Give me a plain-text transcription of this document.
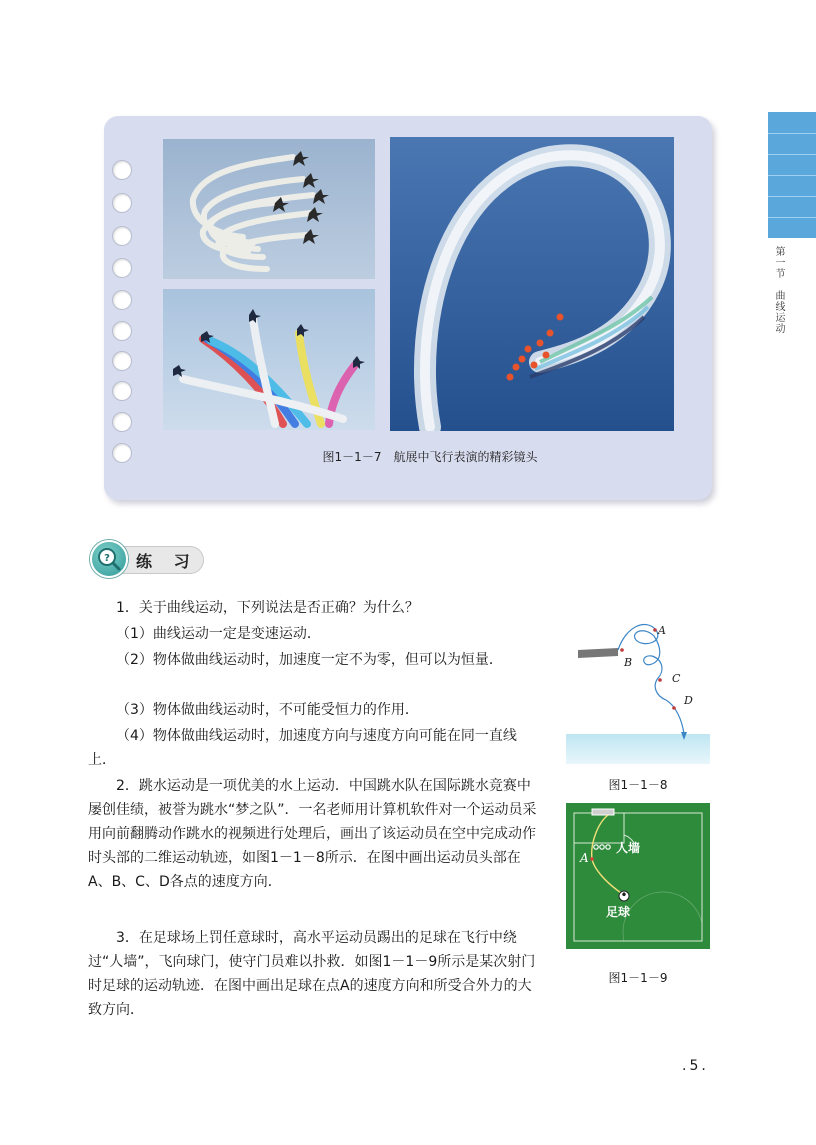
第一节　曲线运动
图1－1－7　航展中飞行表演的精彩镜头
? 练 习
1．关于曲线运动，下列说法是否正确？为什么？
（1）曲线运动一定是变速运动．
（2）物体做曲线运动时，加速度一定不为零，但可以为恒量．
（3）物体做曲线运动时，不可能受恒力的作用．
（4）物体做曲线运动时，加速度方向与速度方向可能在同一直线上．
2．跳水运动是一项优美的水上运动．中国跳水队在国际跳水竞赛中屡创佳绩，被誉为跳水“梦之队”．一名老师用计算机软件对一个运动员采用向前翻腾动作跳水的视频进行处理后，画出了该运动员在空中完成动作时头部的二维运动轨迹，如图1－1－8所示．在图中画出运动员头部在A、B、C、D各点的速度方向．
3．在足球场上罚任意球时，高水平运动员踢出的足球在飞行中绕过“人墙”，飞向球门，使守门员难以扑救．如图1－1－9所示是某次射门时足球的运动轨迹．在图中画出足球在点A的速度方向和所受合外力的大致方向．
A
B
C
D
图1－1－8
人墙
足球
A
图1－1－9
.5.
